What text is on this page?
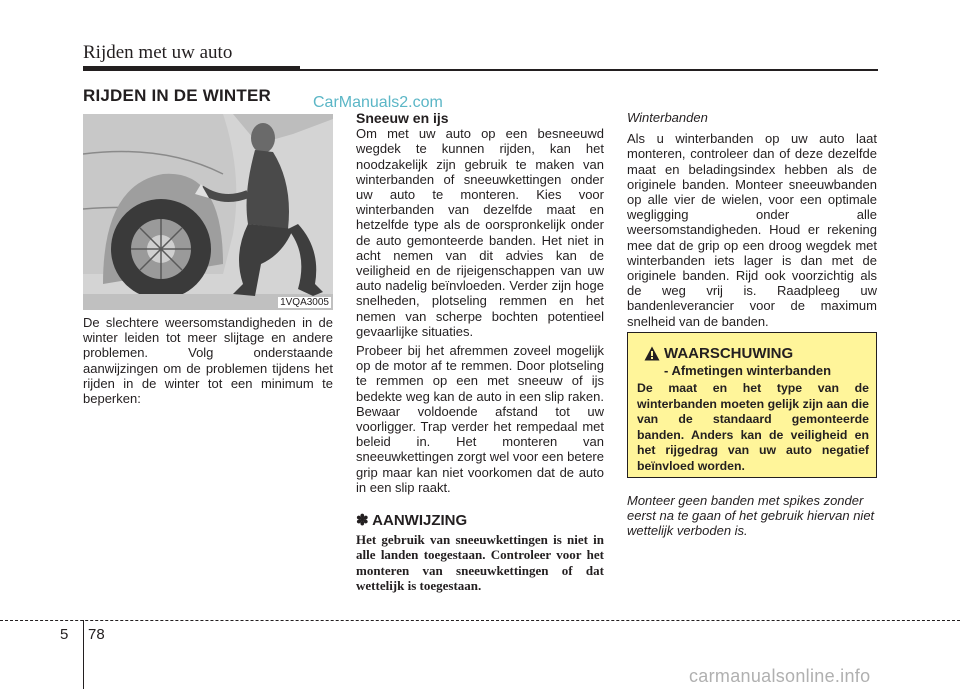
Rijden met uw auto
RIJDEN IN DE WINTER	CarManuals2.com
1VQA3005

De slechtere weersomstandigheden in de winter leiden tot meer slijtage en andere problemen. Volg onderstaande aanwijzingen om de problemen tijdens het rijden in de winter tot een minimum te beperken:

Sneeuw en ijs

Om met uw auto op een besneeuwd wegdek te kunnen rijden, kan het noodzakelijk zijn gebruik te maken van winterbanden of sneeuwkettingen onder uw auto te monteren. Kies voor winterbanden van dezelfde maat en hetzelfde type als de oorspronkelijk onder de auto gemonteerde banden. Het niet in acht nemen van dit advies kan de veiligheid en de rijeigenschappen van uw auto nadelig beïnvloeden. Verder zijn hoge snelheden, plotseling remmen en het nemen van scherpe bochten potentieel gevaarlijke situaties.

Probeer bij het afremmen zoveel mogelijk op de motor af te remmen. Door plotseling te remmen op een met sneeuw of ijs bedekte weg kan de auto in een slip raken. Bewaar voldoende afstand tot uw voorligger. Trap verder het rempedaal met beleid in. Het monteren van sneeuwkettingen zorgt wel voor een betere grip maar kan niet voorkomen dat de auto in een slip raakt.

✽ AANWIJZING

Het gebruik van sneeuwkettingen is niet in alle landen toegestaan. Controleer voor het monteren van sneeuwkettingen of dat wettelijk is toegestaan.

Winterbanden

Als u winterbanden op uw auto laat monteren, controleer dan of deze dezelfde maat en beladingsindex hebben als de originele banden. Monteer sneeuwbanden op alle vier de wielen, voor een optimale wegligging onder alle weersomstandigheden. Houd er rekening mee dat de grip op een droog wegdek met winterbanden iets lager is dan met de originele banden. Rijd ook voorzichtig als de weg vrij is. Raadpleeg uw bandenleverancier voor de maximum snelheid van de banden.

WAARSCHUWING
- Afmetingen winterbanden
De maat en het type van de winterbanden moeten gelijk zijn aan die van de standaard gemonteerde banden. Anders kan de veiligheid en het rijgedrag van uw auto negatief beïnvloed worden.
Monteer geen banden met spikes zonder eerst na te gaan of het gebruik hiervan niet wettelijk verboden is.
5 78
carmanualsonline.info
